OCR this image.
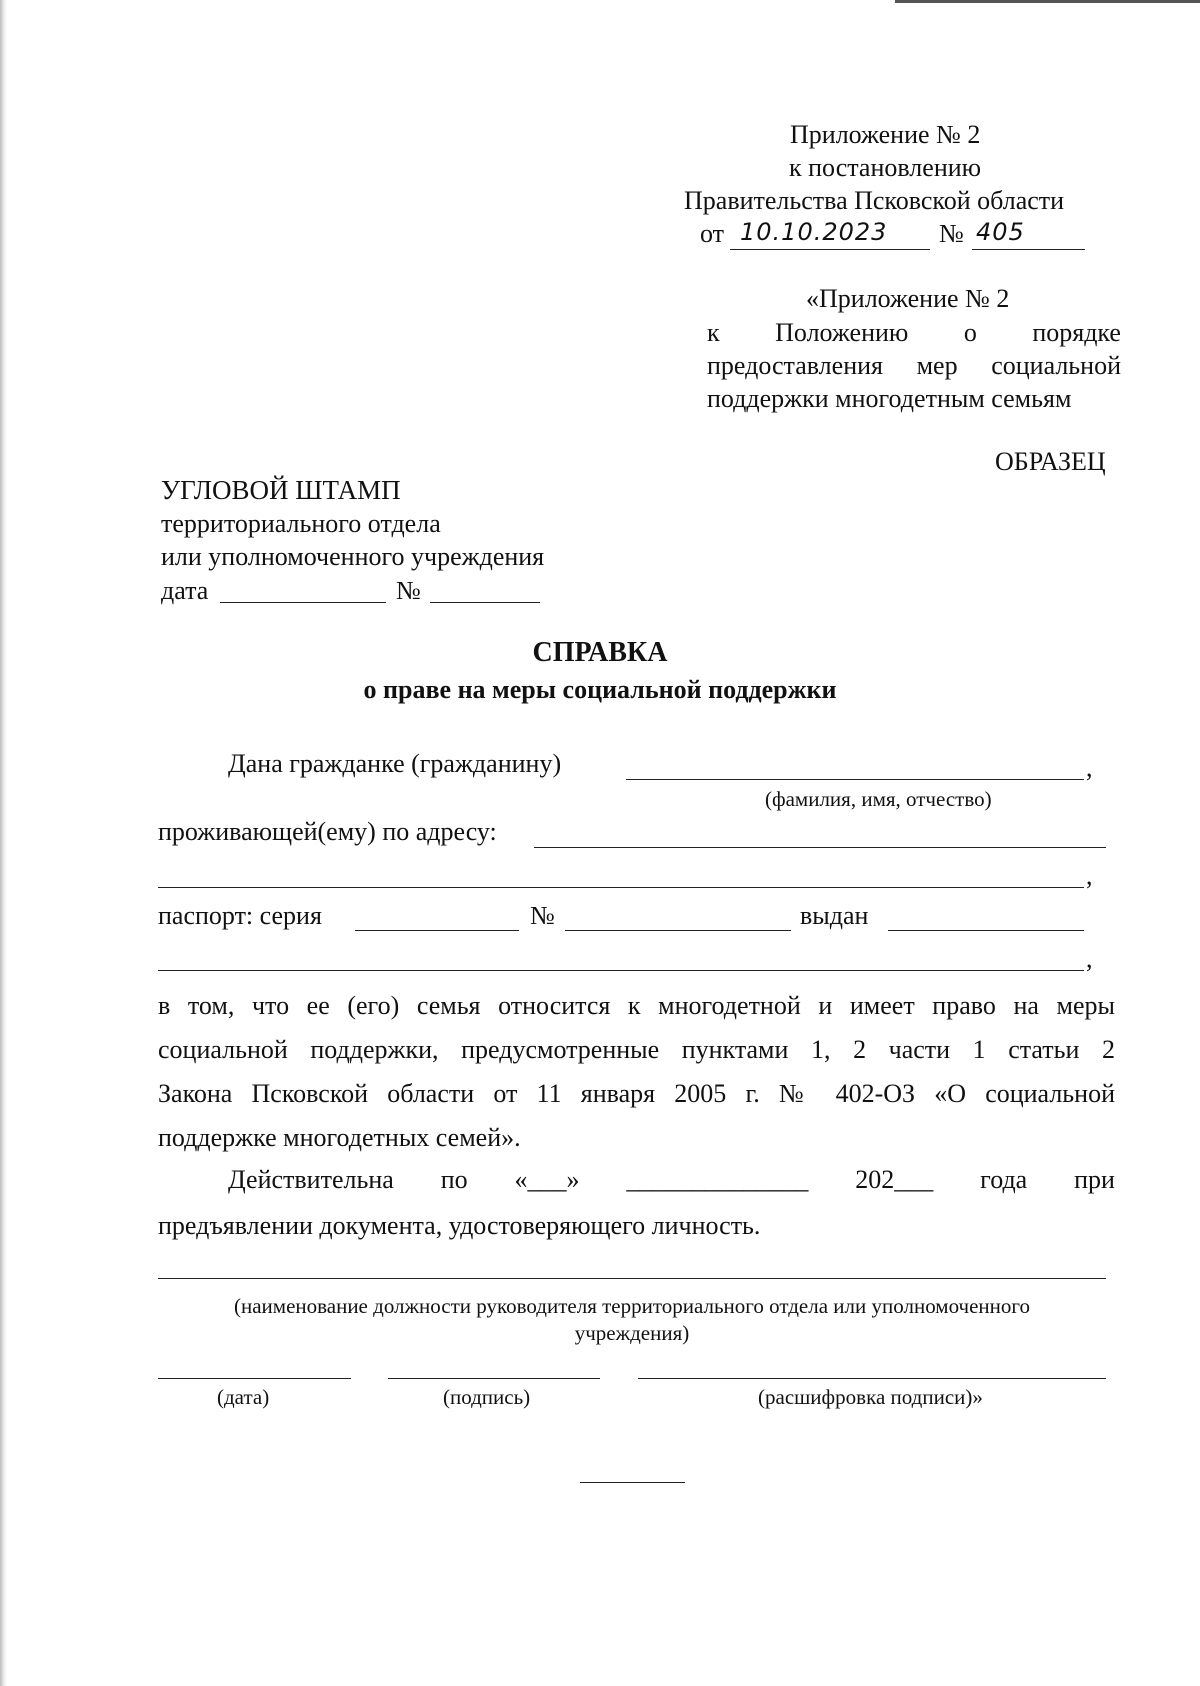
Приложение № 2
к постановлению
Правительства Псковской области
от 10.10.2023 № 405
«Приложение № 2
к Положению о порядке
предоставления мер социальной
поддержки многодетным семьям
ОБРАЗЕЦ
УГЛОВОЙ ШТАМП
территориального отдела
или уполномоченного учреждения
дата	№
СПРАВКА
о праве на меры социальной поддержки
Дана гражданке (гражданину)	,
(фамилия, имя, отчество)
проживающей(ему) по адресу:
,
паспорт: серия	№	выдан
,
в том, что ее (его) семья относится к многодетной и имеет право на меры
социальной поддержки, предусмотренные пунктами 1, 2 части 1 статьи 2
Закона Псковской области от 11 января 2005 г. № 402-ОЗ «О социальной
поддержке многодетных семей».
Действительна по «___» ______________ 202___ года при
предъявлении документа, удостоверяющего личность.
(наименование должности руководителя территориального отдела или уполномоченного
учреждения)
(дата)	(подпись)	(расшифровка подписи)»
